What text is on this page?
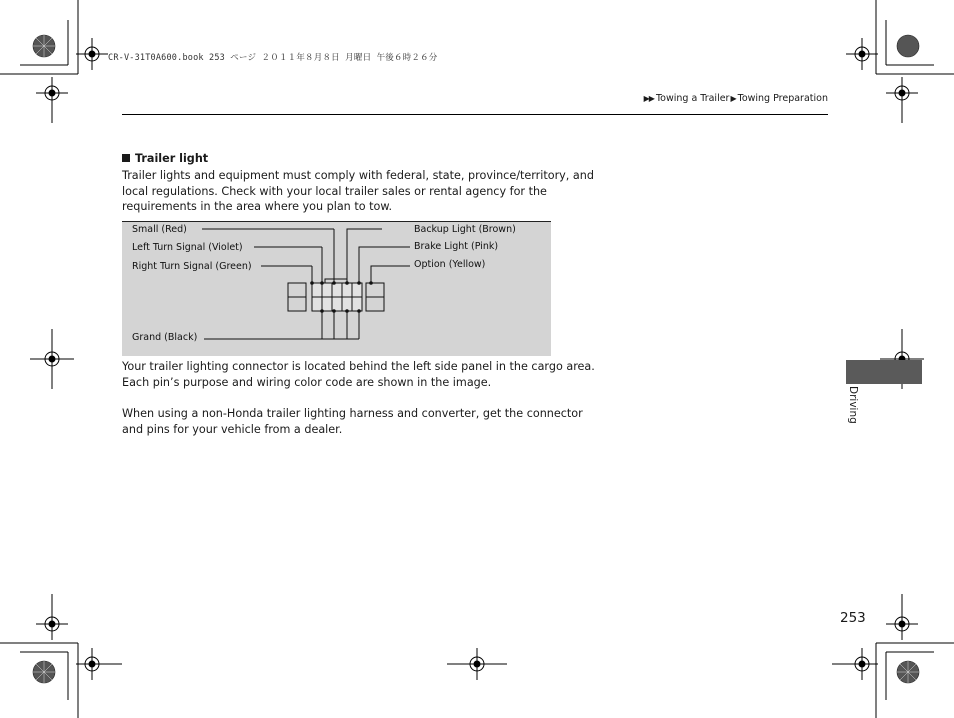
CR-V-31T0A600.book 253 ページ ２０１１年８月８日 月曜日 午後６時２６分
▶▶ Towing a Trailer▶Towing Preparation
Trailer light

Trailer lights and equipment must comply with federal, state, province/territory, and

local regulations. Check with your local trailer sales or rental agency for the

requirements in the area where you plan to tow.

Small (Red)
Left Turn Signal (Violet)
Right Turn Signal (Green)
Grand (Black)
Backup Light (Brown)
Brake Light (Pink)
Option (Yellow)

Your trailer lighting connector is located behind the left side panel in the cargo area.

Each pin’s purpose and wiring color code are shown in the image.

When using a non-Honda trailer lighting harness and converter, get the connector

and pins for your vehicle from a dealer.

Driving
253
